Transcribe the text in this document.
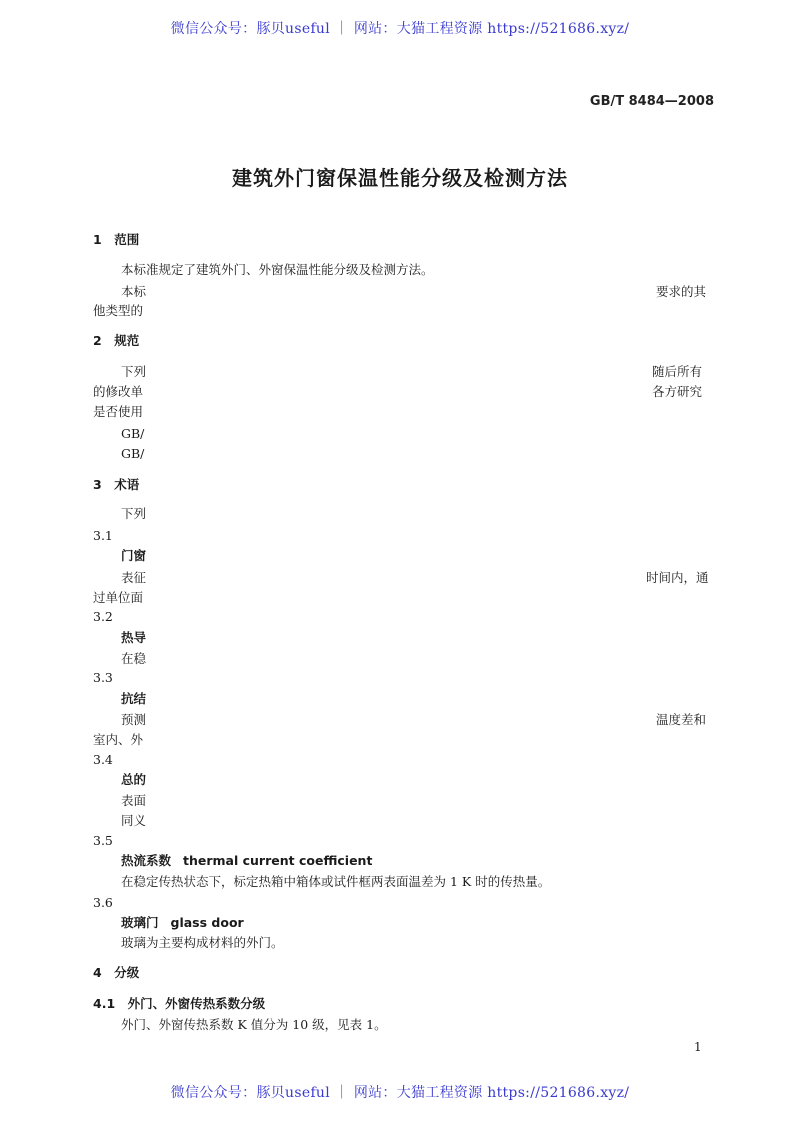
微信公众号：豚贝useful ｜ 网站：大猫工程资源 https://521686.xyz/
GB/T 8484—2008
建筑外门窗保温性能分级及检测方法
1　范围
本标准规定了建筑外门、外窗保温性能分级及检测方法。
本标	要求的其
他类型的
2　规范
下列	随后所有
的修改单	各方研究
是否使用
GB/
GB/
3　术语
下列
3.1
门窗
表征	时间内，通
过单位面
3.2
热导
在稳
3.3
抗结
预测	温度差和
室内、外
3.4
总的
表面
同义
3.5
热流系数 thermal current coefficient
在稳定传热状态下，标定热箱中箱体或试件框两表面温差为 1 K 时的传热量。
3.6
玻璃门 glass door
玻璃为主要构成材料的外门。
4　分级
4.1　外门、外窗传热系数分级
外门、外窗传热系数 K 值分为 10 级，见表 1。
1
微信公众号：豚贝useful ｜ 网站：大猫工程资源 https://521686.xyz/
